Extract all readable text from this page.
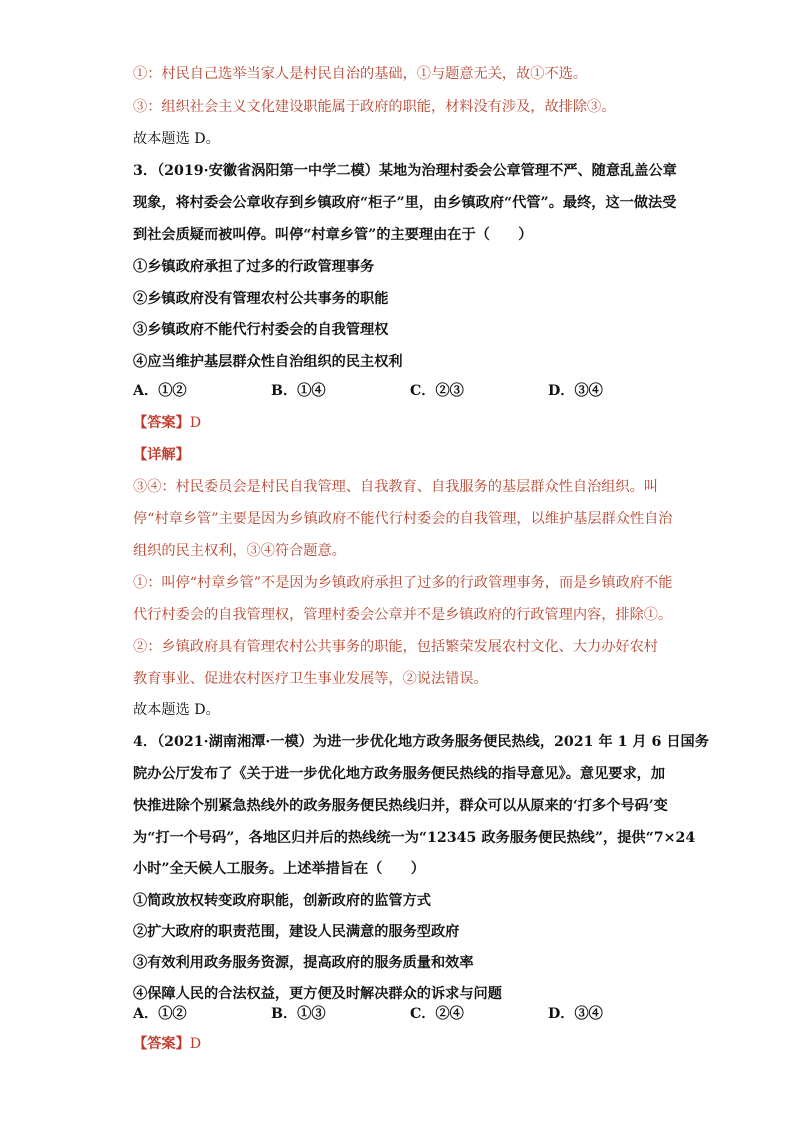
①：村民自己选举当家人是村民自治的基础，①与题意无关，故①不选。
③：组织社会主义文化建设职能属于政府的职能，材料没有涉及，故排除③。
故本题选 D。
3．（2019·安徽省涡阳第一中学二模）某地为治理村委会公章管理不严、随意乱盖公章
现象，将村委会公章收存到乡镇政府“柜子”里，由乡镇政府“代管”。最终，这一做法受
到社会质疑而被叫停。叫停“村章乡管”的主要理由在于（　　）
①乡镇政府承担了过多的行政管理事务
②乡镇政府没有管理农村公共事务的职能
③乡镇政府不能代行村委会的自我管理权
④应当维护基层群众性自治组织的民主权利
A．①②	B．①④	C．②③	D．③④
【答案】D
【详解】
③④：村民委员会是村民自我管理、自我教育、自我服务的基层群众性自治组织。叫
停“村章乡管”主要是因为乡镇政府不能代行村委会的自我管理，以维护基层群众性自治
组织的民主权利，③④符合题意。
①：叫停“村章乡管”不是因为乡镇政府承担了过多的行政管理事务，而是乡镇政府不能
代行村委会的自我管理权，管理村委会公章并不是乡镇政府的行政管理内容，排除①。
②：乡镇政府具有管理农村公共事务的职能，包括繁荣发展农村文化、大力办好农村
教育事业、促进农村医疗卫生事业发展等，②说法错误。
故本题选 D。
4．（2021·湖南湘潭·一模）为进一步优化地方政务服务便民热线，2021 年 1 月 6 日国务
院办公厅发布了《关于进一步优化地方政务服务便民热线的指导意见》。意见要求，加
快推进除个别紧急热线外的政务服务便民热线归并，群众可以从原来的‘打多个号码’变
为“打一个号码”，各地区归并后的热线统一为“12345 政务服务便民热线”，提供“7×24
小时”全天候人工服务。上述举措旨在（　　）
①简政放权转变政府职能，创新政府的监管方式
②扩大政府的职责范围，建设人民满意的服务型政府
③有效利用政务服务资源，提高政府的服务质量和效率
④保障人民的合法权益，更方便及时解决群众的诉求与问题
A．①②	B．①③	C．②④	D．③④
【答案】D
